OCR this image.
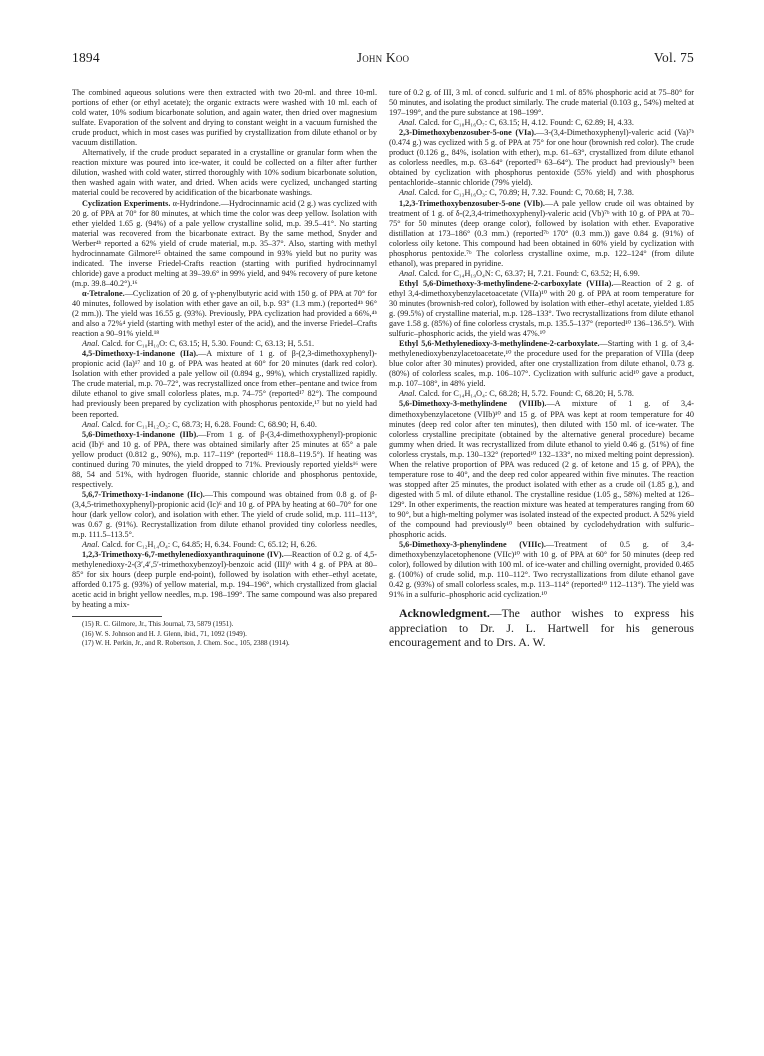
1894	John Koo	Vol. 75

The combined aqueous solutions were then extracted with two 20-ml. and three 10-ml. portions of ether (or ethyl acetate); the organic extracts were washed with 10 ml. each of cold water, 10% sodium bicarbonate solution, and again water, then dried over magnesium sulfate. Evaporation of the solvent and drying to constant weight in a vacuum furnished the crude product, which in most cases was purified by crystallization from dilute ethanol or by vacuum distillation.

Alternatively, if the crude product separated in a crystalline or granular form when the reaction mixture was poured into ice-water, it could be collected on a filter after further dilution, washed with cold water, stirred thoroughly with 10% sodium bicarbonate solution, then washed again with water, and dried. When acids were cyclized, unchanged starting material could be recovered by acidification of the bicarbonate washings.

Cyclization Experiments. α-Hydrindone.—Hydrocinnamic acid (2 g.) was cyclized with 20 g. of PPA at 70° for 80 minutes, at which time the color was deep yellow. Isolation with ether yielded 1.65 g. (94%) of a pale yellow crystalline solid, m.p. 39.5–41°. No starting material was recovered from the bicarbonate extract. By the same method, Snyder and Werber⁴ᵇ reported a 62% yield of crude material, m.p. 35–37°. Also, starting with methyl hydrocinnamate Gilmore¹⁵ obtained the same compound in 93% yield but no purity was indicated. The inverse Friedel-Crafts reaction (starting with purified hydrocinnamyl chloride) gave a product melting at 39–39.6° in 99% yield, and 94% recovery of pure ketone (m.p. 39.8–40.2°).¹⁶

α-Tetralone.—Cyclization of 20 g. of γ-phenylbutyric acid with 150 g. of PPA at 70° for 40 minutes, followed by isolation with ether gave an oil, b.p. 93° (1.3 mm.) (reported⁴ᵇ 96° (2 mm.)). The yield was 16.55 g. (93%). Previously, PPA cyclization had provided a 66%,⁴ᵇ and also a 72%⁴ yield (starting with methyl ester of the acid), and the inverse Friedel–Crafts reaction a 90–91% yield.¹⁸

Anal. Calcd. for C₁₀H₁₀O: C, 63.15; H, 5.30. Found: C, 63.13; H, 5.51.

4,5-Dimethoxy-1-indanone (IIa).—A mixture of 1 g. of β-(2,3-dimethoxyphenyl)-propionic acid (Ia)¹⁷ and 10 g. of PPA was heated at 60° for 20 minutes (dark red color). Isolation with ether provided a pale yellow oil (0.894 g., 99%), which crystallized rapidly. The crude material, m.p. 70–72°, was recrystallized once from ether–pentane and twice from dilute ethanol to give small colorless plates, m.p. 74–75° (reported¹⁷ 82°). The compound had previously been prepared by cyclization with phosphorus pentoxide,¹⁷ but no yield had been reported.

Anal. Calcd. for C₁₁H₁₂O₃: C, 68.73; H, 6.28. Found: C, 68.90; H, 6.40.

5,6-Dimethoxy-1-indanone (IIb).—From 1 g. of β-(3,4-dimethoxyphenyl)-propionic acid (Ib)⁶ and 10 g. of PPA, there was obtained similarly after 25 minutes at 65° a pale yellow product (0.812 g., 90%), m.p. 117–119° (reported¹⁶ 118.8–119.5°). If heating was continued during 70 minutes, the yield dropped to 71%. Previously reported yields¹⁶ were 88, 54 and 51%, with hydrogen fluoride, stannic chloride and phosphorus pentoxide, respectively.

5,6,7-Trimethoxy-1-indanone (IIc).—This compound was obtained from 0.8 g. of β-(3,4,5-trimethoxyphenyl)-propionic acid (Ic)⁶ and 10 g. of PPA by heating at 60–70° for one hour (dark yellow color), and isolation with ether. The yield of crude solid, m.p. 111–113°, was 0.67 g. (91%). Recrystallization from dilute ethanol provided tiny colorless needles, m.p. 111.5–113.5°.

Anal. Calcd. for C₁₂H₁₄O₄: C, 64.85; H, 6.34. Found: C, 65.12; H, 6.26.

1,2,3-Trimethoxy-6,7-methylenedioxyanthraquinone (IV).—Reaction of 0.2 g. of 4,5-methylenedioxy-2-(3′,4′,5′-trimethoxybenzoyl)-benzoic acid (III)⁹ with 4 g. of PPA at 80–85° for six hours (deep purple end-point), followed by isolation with ether–ethyl acetate, afforded 0.175 g. (93%) of yellow material, m.p. 194–196°, which crystallized from glacial acetic acid in bright yellow needles, m.p. 198–199°. The same compound was also prepared by heating a mix-

(15) R. C. Gilmore, Jr., This Journal, 73, 5879 (1951).
(16) W. S. Johnson and H. J. Glenn, ibid., 71, 1092 (1949).
(17) W. H. Perkin, Jr., and R. Robertson, J. Chem. Soc., 105, 2388 (1914).

ture of 0.2 g. of III, 3 ml. of concd. sulfuric and 1 ml. of 85% phosphoric acid at 75–80° for 50 minutes, and isolating the product similarly. The crude material (0.103 g., 54%) melted at 197–199°, and the pure substance at 198–199°.

Anal. Calcd. for C₁₈H₁₆O₇: C, 63.15; H, 4.12. Found: C, 62.89; H, 4.33.

2,3-Dimethoxybenzosuber-5-one (VIa).—3-(3,4-Dimethoxyphenyl)-valeric acid (Va)⁷ᵇ (0.474 g.) was cyclized with 5 g. of PPA at 75° for one hour (brownish red color). The crude product (0.126 g., 84%, isolation with ether), m.p. 61–63°, crystallized from dilute ethanol as colorless needles, m.p. 63–64° (reported⁷ᵇ 63–64°). The product had previously⁷ᵇ been obtained by cyclization with phosphorus pentoxide (55% yield) and with phosphorus pentachloride–stannic chloride (79% yield).

Anal. Calcd. for C₁₃H₁₆O₃: C, 70.89; H, 7.32. Found: C, 70.68; H, 7.38.

1,2,3-Trimethoxybenzosuber-5-one (VIb).—A pale yellow crude oil was obtained by treatment of 1 g. of δ-(2,3,4-trimethoxyphenyl)-valeric acid (Vb)⁷ᵇ with 10 g. of PPA at 70–75° for 50 minutes (deep orange color), followed by isolation with ether. Evaporative distillation at 173–186° (0.3 mm.) (reported⁷ᵇ 170° (0.3 mm.)) gave 0.84 g. (91%) of colorless oily ketone. This compound had been obtained in 60% yield by cyclization with phosphorus pentoxide.⁷ᵇ The colorless crystalline oxime, m.p. 122–124° (from dilute ethanol), was prepared in pyridine.

Anal. Calcd. for C₁₄H₁₉O₄N: C, 63.37; H, 7.21. Found: C, 63.52; H, 6.99.

Ethyl 5,6-Dimethoxy-3-methylindene-2-carboxylate (VIIIa).—Reaction of 2 g. of ethyl 3,4-dimethoxybenzylacetoacetate (VIIa)¹⁰ with 20 g. of PPA at room temperature for 30 minutes (brownish-red color), followed by isolation with ether–ethyl acetate, yielded 1.85 g. (99.5%) of crystalline material, m.p. 128–133°. Two recrystallizations from dilute ethanol gave 1.58 g. (85%) of fine colorless crystals, m.p. 135.5–137° (reported¹⁰ 136–136.5°). With sulfuric–phosphoric acids, the yield was 47%.¹⁰

Ethyl 5,6-Methylenedioxy-3-methylindene-2-carboxylate.—Starting with 1 g. of 3,4-methylenedioxybenzylacetoacetate,¹⁰ the procedure used for the preparation of VIIIa (deep blue color after 30 minutes) provided, after one crystallization from dilute ethanol, 0.73 g. (80%) of colorless scales, m.p. 106–107°. Cyclization with sulfuric acid¹⁰ gave a product, m.p. 107–108°, in 48% yield.

Anal. Calcd. for C₁₄H₁₄O₄: C, 68.28; H, 5.72. Found: C, 68.20; H, 5.78.

5,6-Dimethoxy-3-methylindene (VIIIb).—A mixture of 1 g. of 3,4-dimethoxybenzylacetone (VIIb)¹⁰ and 15 g. of PPA was kept at room temperature for 40 minutes (deep red color after ten minutes), then diluted with 150 ml. of ice-water. The colorless crystalline precipitate (obtained by the alternative general procedure) became gummy when dried. It was recrystallized from dilute ethanol to yield 0.46 g. (51%) of fine colorless crystals, m.p. 130–132° (reported¹⁰ 132–133°, no mixed melting point depression). When the relative proportion of PPA was reduced (2 g. of ketone and 15 g. of PPA), the temperature rose to 40°, and the deep red color appeared within five minutes. The reaction was stopped after 25 minutes, the product isolated with ether as a crude oil (1.85 g.), and digested with 5 ml. of dilute ethanol. The crystalline residue (1.05 g., 58%) melted at 126–129°. In other experiments, the reaction mixture was heated at temperatures ranging from 60 to 90°, but a high-melting polymer was isolated instead of the expected product. A 52% yield of the compound had previously¹⁰ been obtained by cyclodehydration with sulfuric–phosphoric acids.

5,6-Dimethoxy-3-phenylindene (VIIIc).—Treatment of 0.5 g. of 3,4-dimethoxybenzylacetophenone (VIIc)¹⁰ with 10 g. of PPA at 60° for 50 minutes (deep red color), followed by dilution with 100 ml. of ice-water and chilling overnight, provided 0.465 g. (100%) of crude solid, m.p. 110–112°. Two recrystallizations from dilute ethanol gave 0.42 g. (93%) of small colorless scales, m.p. 113–114° (reported¹⁰ 112–113°). The yield was 91% in a sulfuric–phosphoric acid cyclization.¹⁰

Acknowledgment.—The author wishes to express his appreciation to Dr. J. L. Hartwell for his generous encouragement and to Drs. A. W.
